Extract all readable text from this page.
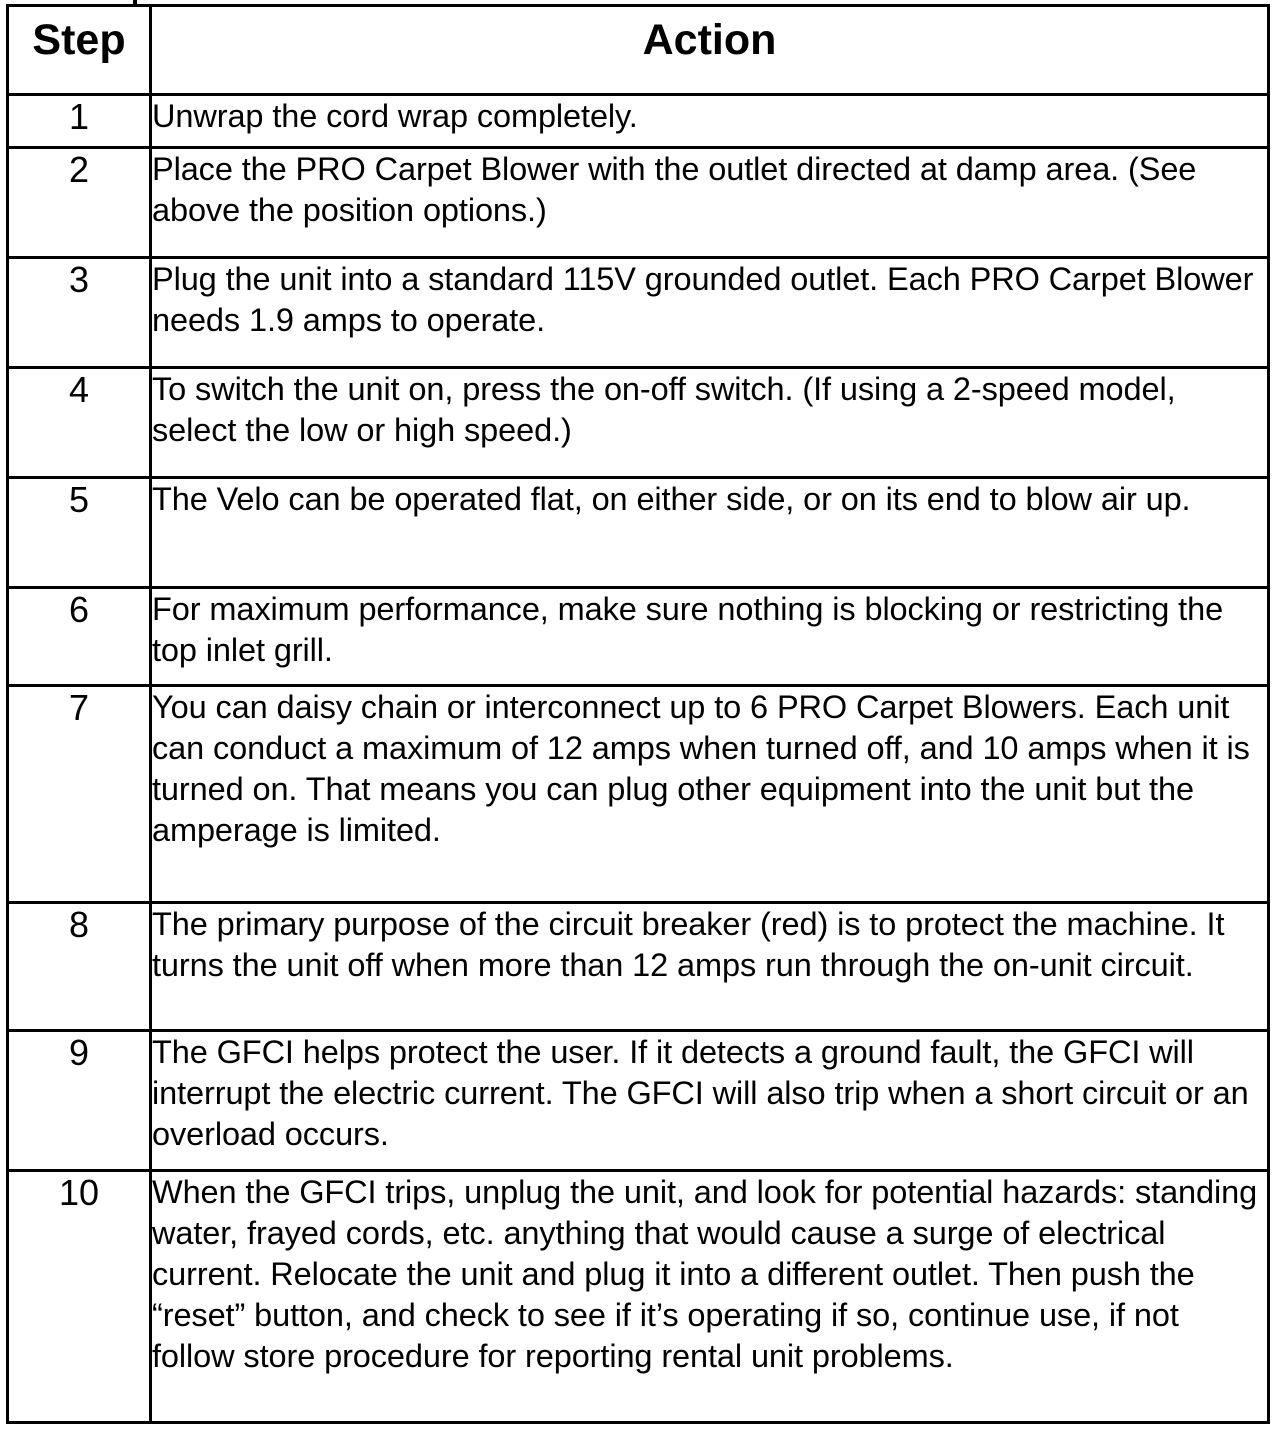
Step	Action
1	Unwrap the cord wrap completely.
2	Place the PRO Carpet Blower with the outlet directed at damp area. (See above the position options.)
3	Plug the unit into a standard 115V grounded outlet. Each PRO Carpet Blower needs 1.9 amps to operate.
4	To switch the unit on, press the on-off switch. (If using a 2-speed model, select the low or high speed.)
5	The Velo can be operated flat, on either side, or on its end to blow air up.
6	For maximum performance, make sure nothing is blocking or restricting the top inlet grill.
7	You can daisy chain or interconnect up to 6 PRO Carpet Blowers. Each unit can conduct a maximum of 12 amps when turned off, and 10 amps when it is turned on. That means you can plug other equipment into the unit but the amperage is limited.
8	The primary purpose of the circuit breaker (red) is to protect the machine. It turns the unit off when more than 12 amps run through the on-unit circuit.
9	The GFCI helps protect the user. If it detects a ground fault, the GFCI will interrupt the electric current. The GFCI will also trip when a short circuit or an overload occurs.
10	When the GFCI trips, unplug the unit, and look for potential hazards: standing water, frayed cords, etc. anything that would cause a surge of electrical current. Relocate the unit and plug it into a different outlet. Then push the “reset” button, and check to see if it’s operating if so, continue use, if not follow store procedure for reporting rental unit problems.
